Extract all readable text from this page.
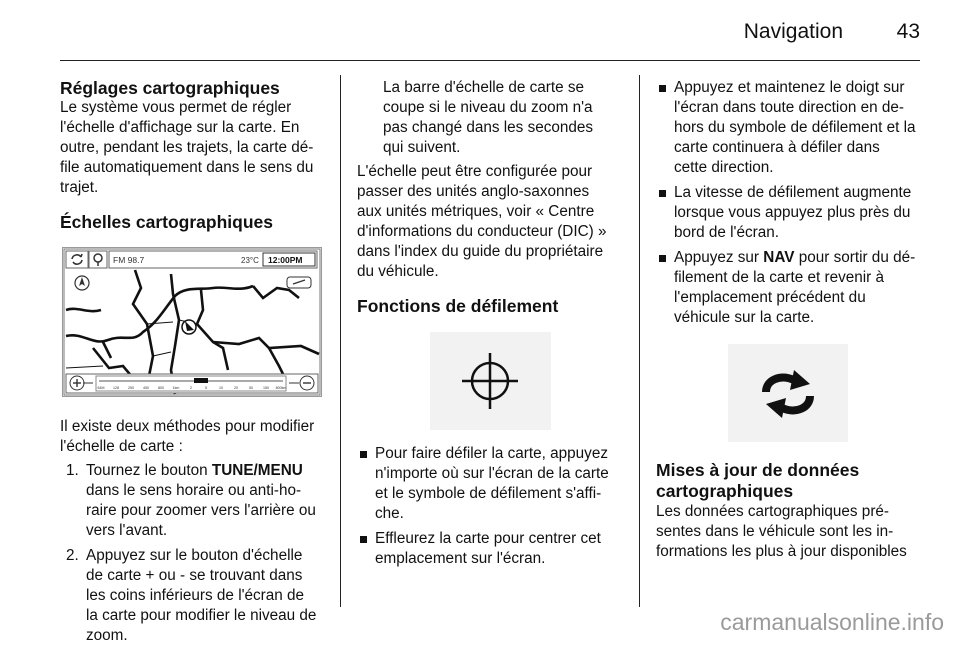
Navigation	43
Réglages cartographiques
Le système vous permet de régler
l'échelle d'affichage sur la carte. En
outre, pendant les trajets, la carte dé-
file automatiquement dans le sens du
trajet.
Échelles cartographiques
FM 98.7	23°C 12:00PM
64M 128	250	450	800 1km	2	5	10	20	50	150 800km
Il existe deux méthodes pour modifier
l'échelle de carte :
1. Tournez le bouton TUNE/MENU
dans le sens horaire ou anti-ho-
raire pour zoomer vers l'arrière ou
vers l'avant.
2. Appuyez sur le bouton d'échelle
de carte + ou - se trouvant dans
les coins inférieurs de l'écran de
la carte pour modifier le niveau de
zoom.
La barre d'échelle de carte se
coupe si le niveau du zoom n'a
pas changé dans les secondes
qui suivent.
L'échelle peut être configurée pour
passer des unités anglo-saxonnes
aux unités métriques, voir « Centre
d'informations du conducteur (DIC) »
dans l'index du guide du propriétaire
du véhicule.
Fonctions de défilement
Pour faire défiler la carte, appuyez
n'importe où sur l'écran de la carte
et le symbole de défilement s'affi-
che.
Effleurez la carte pour centrer cet
emplacement sur l'écran.
Appuyez et maintenez le doigt sur
l'écran dans toute direction en de-
hors du symbole de défilement et la
carte continuera à défiler dans
cette direction.
La vitesse de défilement augmente
lorsque vous appuyez plus près du
bord de l'écran.
Appuyez sur NAV pour sortir du dé-
filement de la carte et revenir à
l'emplacement précédent du
véhicule sur la carte.
Mises à jour de données
cartographiques
Les données cartographiques pré-
sentes dans le véhicule sont les in-
formations les plus à jour disponibles
carmanualsonline.info
